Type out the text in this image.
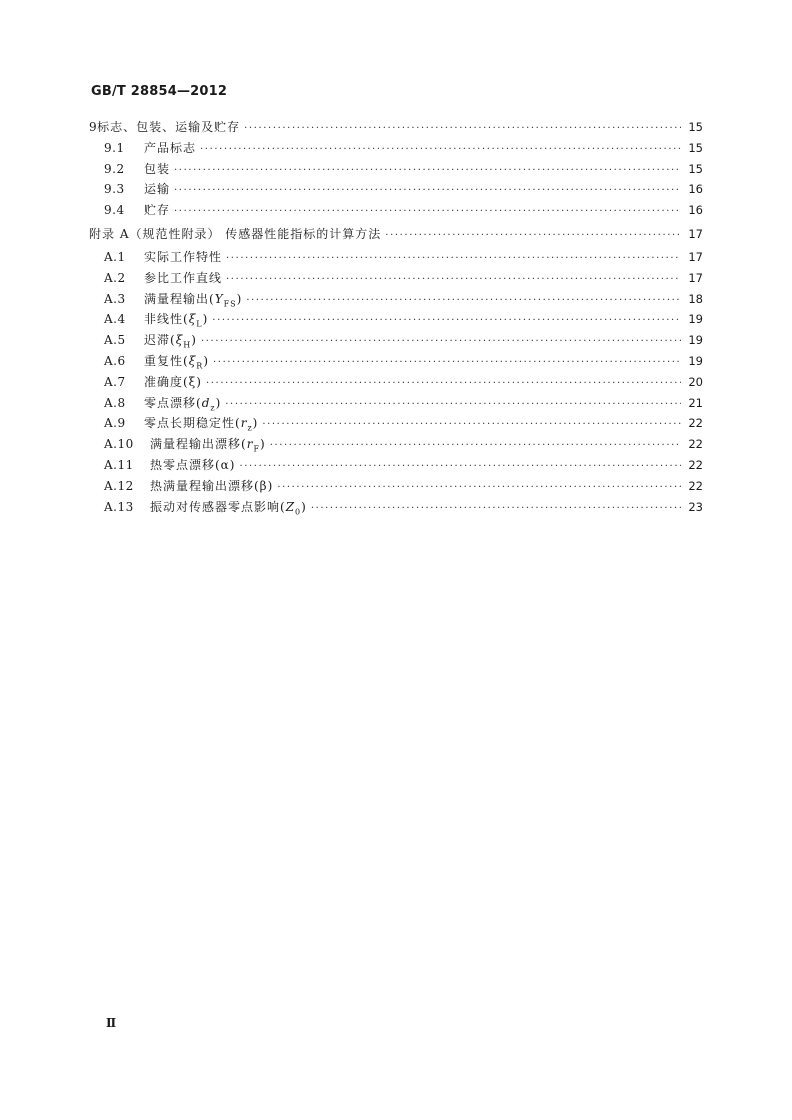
GB/T 28854—2012
9 标志、包装、运输及贮存 ·····	15
9.1	产品标志 ·····	15
9.2	包装 ·····	15
9.3	运输 ·····	16
9.4	贮存 ·····	16
附录 A（规范性附录） 传感器性能指标的计算方法 ·····	17
A.1	实际工作特性 ·····	17
A.2	参比工作直线 ·····	17
A.3	满量程输出$(Y_{FS})$ ·····	18
A.4	非线性$(\xi_L)$ ·····	19
A.5	迟滞$(\xi_H)$ ·····	19
A.6	重复性$(\xi_R)$ ·····	19
A.7	准确度(ξ) ·····	20
A.8	零点漂移$(d_z)$ ·····	21
A.9	零点长期稳定性$(r_z)$ ·····	22
A.10	满量程输出漂移$(r_F)$ ·····	22
A.11	热零点漂移(α) ·····	22
A.12	热满量程输出漂移(β) ·····	22
A.13	振动对传感器零点影响$(Z_0)$ ·····	23
Ⅱ
